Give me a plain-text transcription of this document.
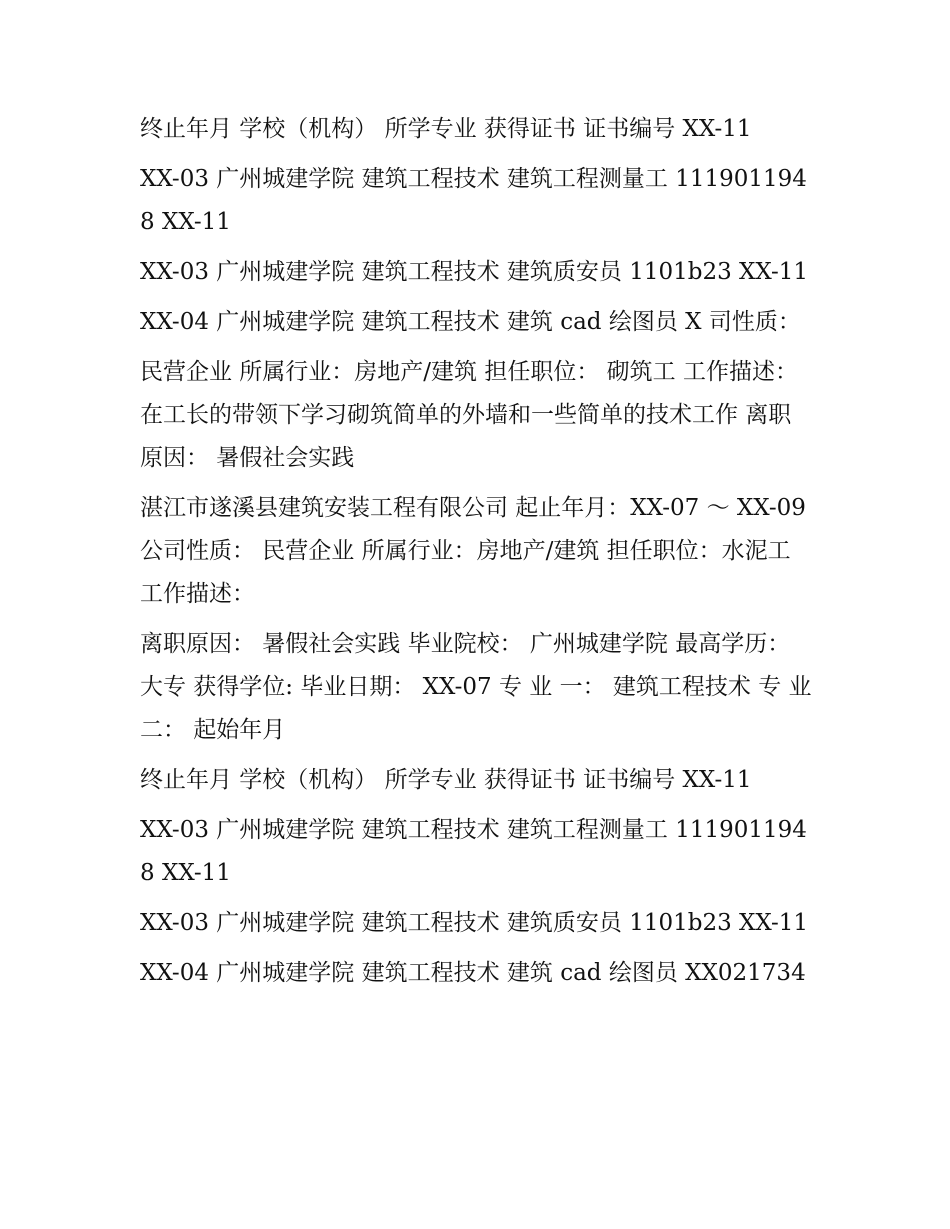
终止年月 学校（机构） 所学专业 获得证书 证书编号 XX-11

XX-03 广州城建学院 建筑工程技术 建筑工程测量工 1119011948 XX-11

XX-03 广州城建学院 建筑工程技术 建筑质安员 1101b23 XX-11

XX-04 广州城建学院 建筑工程技术 建筑 cad 绘图员 X 司性质：

民营企业 所属行业：房地产/建筑 担任职位： 砌筑工 工作描述： 在工长的带领下学习砌筑简单的外墙和一些简单的技术工作 离职原因： 暑假社会实践

湛江市遂溪县建筑安装工程有限公司 起止年月：XX-07 ～ XX-09 公司性质： 民营企业 所属行业：房地产/建筑 担任职位：水泥工 工作描述：

离职原因： 暑假社会实践 毕业院校： 广州城建学院 最高学历： 大专 获得学位: 毕业日期： XX-07 专 业 一： 建筑工程技术 专 业 二： 起始年月

终止年月 学校（机构） 所学专业 获得证书 证书编号 XX-11

XX-03 广州城建学院 建筑工程技术 建筑工程测量工 1119011948 XX-11

XX-03 广州城建学院 建筑工程技术 建筑质安员 1101b23 XX-11

XX-04 广州城建学院 建筑工程技术 建筑 cad 绘图员 XX021734
